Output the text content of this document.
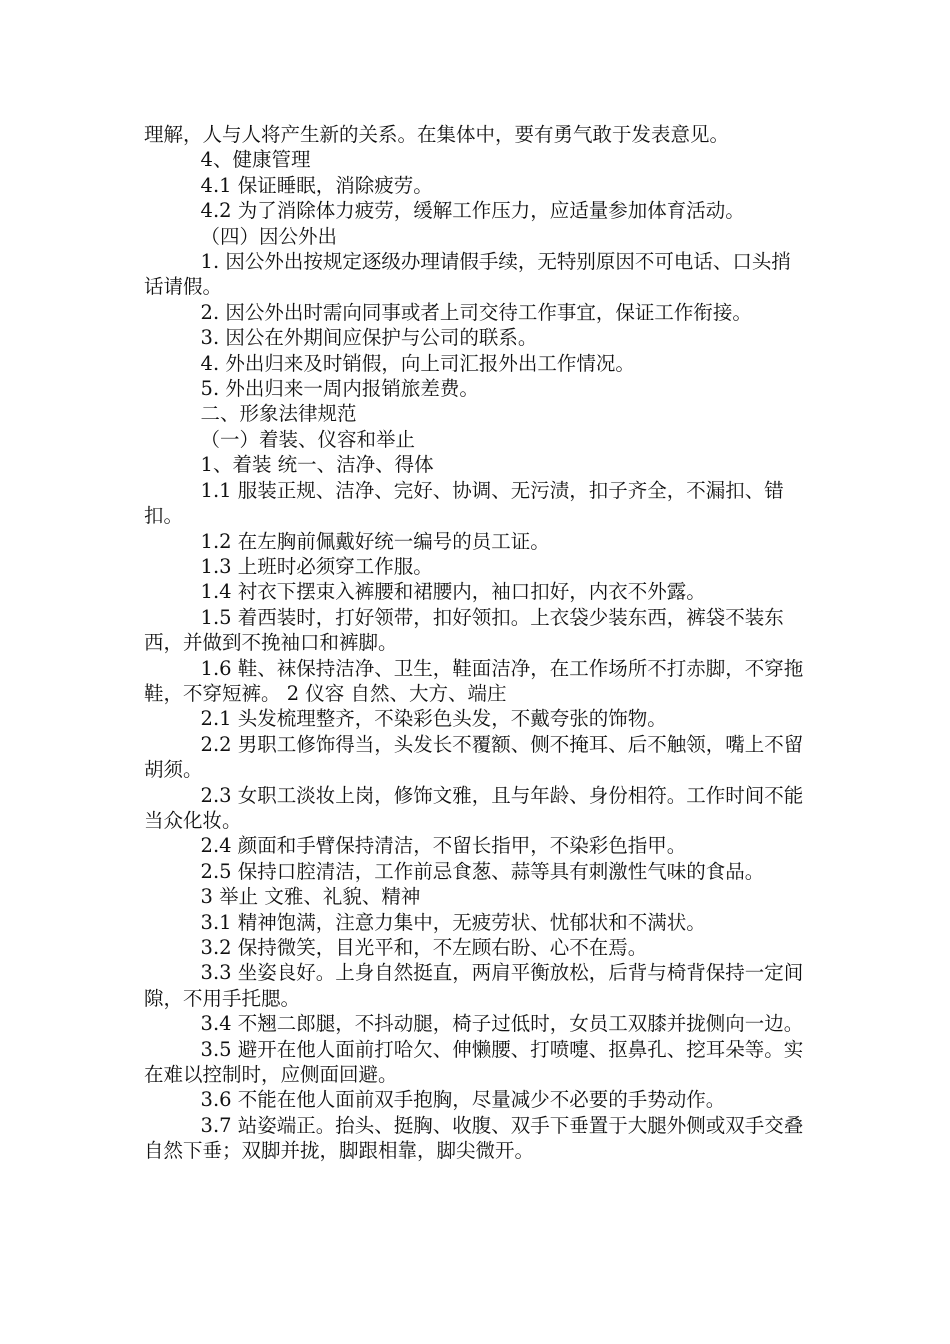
理解，人与人将产生新的关系。在集体中，要有勇气敢于发表意见。

4、健康管理

4.1 保证睡眠，消除疲劳。

4.2 为了消除体力疲劳，缓解工作压力，应适量参加体育活动。

（四）因公外出

1. 因公外出按规定逐级办理请假手续，无特别原因不可电话、口头捎话请假。

2. 因公外出时需向同事或者上司交待工作事宜，保证工作衔接。

3. 因公在外期间应保护与公司的联系。

4. 外出归来及时销假，向上司汇报外出工作情况。

5. 外出归来一周内报销旅差费。

二、形象法律规范

（一）着装、仪容和举止

1、着装 统一、洁净、得体

1.1 服装正规、洁净、完好、协调、无污渍，扣子齐全，不漏扣、错扣。

1.2 在左胸前佩戴好统一编号的员工证。

1.3 上班时必须穿工作服。

1.4 衬衣下摆束入裤腰和裙腰内，袖口扣好，内衣不外露。

1.5 着西装时，打好领带，扣好领扣。上衣袋少装东西，裤袋不装东西，并做到不挽袖口和裤脚。

1.6 鞋、袜保持洁净、卫生，鞋面洁净，在工作场所不打赤脚，不穿拖鞋，不穿短裤。 2 仪容 自然、大方、端庄

2.1 头发梳理整齐，不染彩色头发，不戴夸张的饰物。

2.2 男职工修饰得当，头发长不覆额、侧不掩耳、后不触领，嘴上不留胡须。

2.3 女职工淡妆上岗，修饰文雅，且与年龄、身份相符。工作时间不能当众化妆。

2.4 颜面和手臂保持清洁，不留长指甲，不染彩色指甲。

2.5 保持口腔清洁，工作前忌食葱、蒜等具有刺激性气味的食品。

3 举止 文雅、礼貌、精神

3.1 精神饱满，注意力集中，无疲劳状、忧郁状和不满状。

3.2 保持微笑，目光平和，不左顾右盼、心不在焉。

3.3 坐姿良好。上身自然挺直，两肩平衡放松，后背与椅背保持一定间隙，不用手托腮。

3.4 不翘二郎腿，不抖动腿，椅子过低时，女员工双膝并拢侧向一边。

3.5 避开在他人面前打哈欠、伸懒腰、打喷嚏、抠鼻孔、挖耳朵等。实在难以控制时，应侧面回避。

3.6 不能在他人面前双手抱胸，尽量减少不必要的手势动作。

3.7 站姿端正。抬头、挺胸、收腹、双手下垂置于大腿外侧或双手交叠自然下垂；双脚并拢，脚跟相靠，脚尖微开。
